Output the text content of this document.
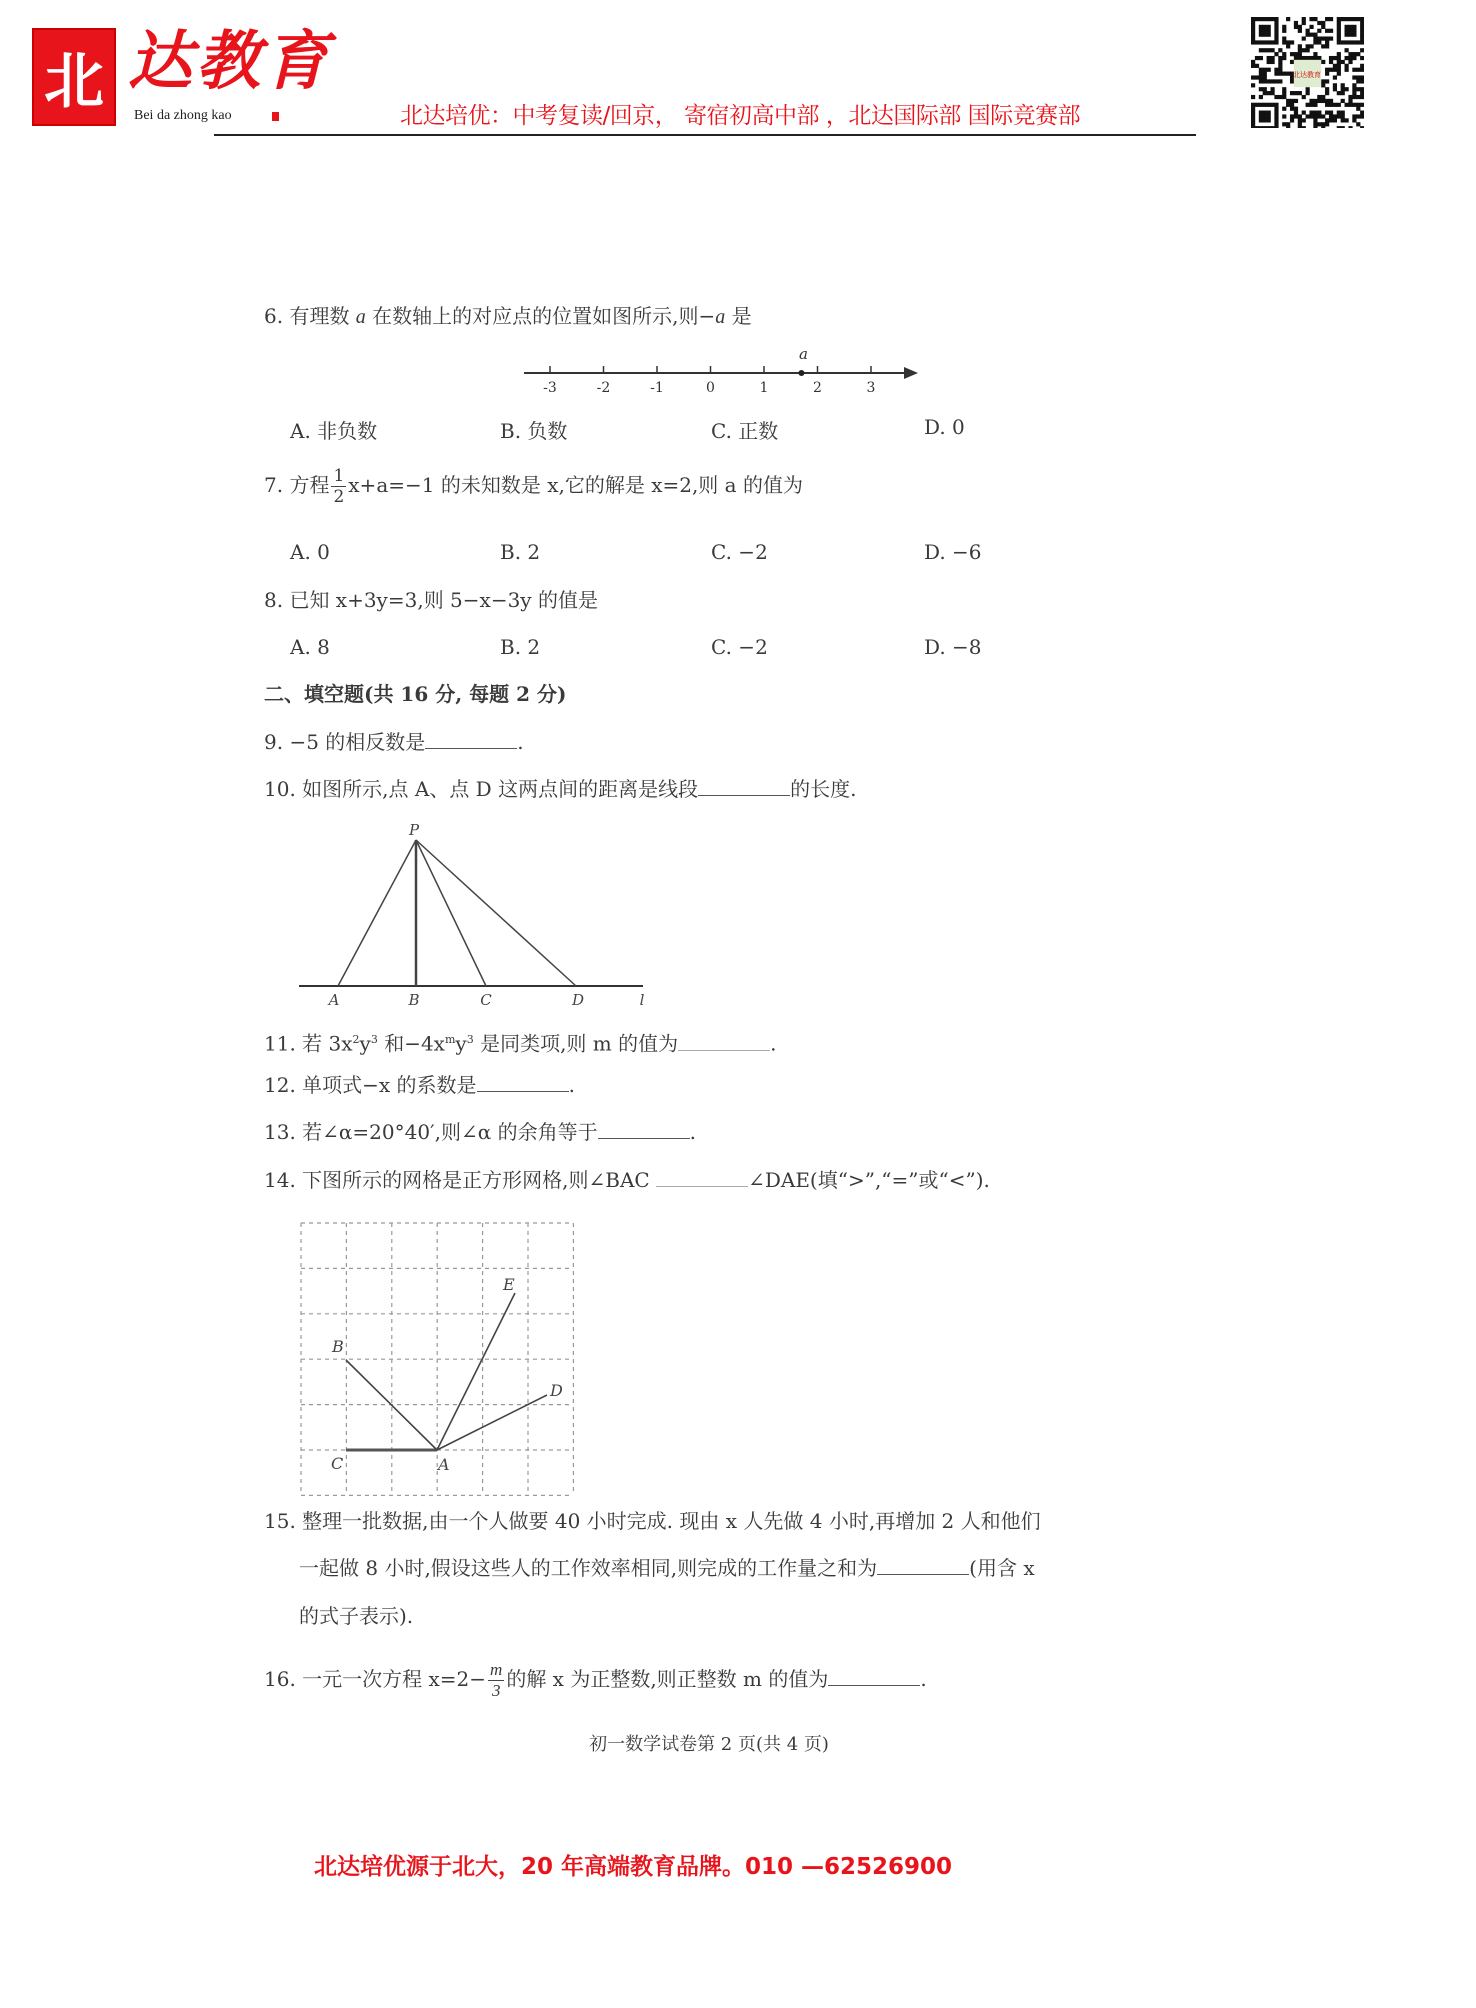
北 达教育
Bei da zhong kao	北达培优：中考复读/回京， 寄宿初高中部 ，北达国际部 国际竞赛部
北达教育
6. 有理数 a 在数轴上的对应点的位置如图所示,则−a 是
-3	-2	-1	0	1	2	3
a
A. 非负数	B. 负数	C. 正数	D. 0
7. 方程 $\frac{1}{2} x+a=-1$ 的未知数是 x,它的解是 x=2,则 a 的值为
A. 0	B. 2	C. −2	D. −6
8. 已知 x+3y=3,则 5−x−3y 的值是
A. 8	B. 2	C. −2	D. −8
二、填空题(共 16 分, 每题 2 分)
9. −5 的相反数是	.
10. 如图所示,点 A、点 D 这两点间的距离是线段	的长度.
P
A	B	C	D	l
11. 若 $3x^2y^3$ 和$-4x^my^3$ 是同类项,则 m 的值为	.
12. 单项式−x 的系数是	.
13. 若∠α=20°40′,则∠α 的余角等于	.
14. 下图所示的网格是正方形网格,则∠BAC	∠DAE(填“>”,“=”或“<”).
B
E
D
C	A
15. 整理一批数据,由一个人做要 40 小时完成. 现由 x 人先做 4 小时,再增加 2 人和他们
一起做 8 小时,假设这些人的工作效率相同,则完成的工作量之和为	(用含 x
的式子表示).
16. 一元一次方程 $x=2- \frac{m}{3}$ 的解 x 为正整数,则正整数 m 的值为	.
初一数学试卷第 2 页(共 4 页)
北达培优源于北大，20 年高端教育品牌。010 —62526900
